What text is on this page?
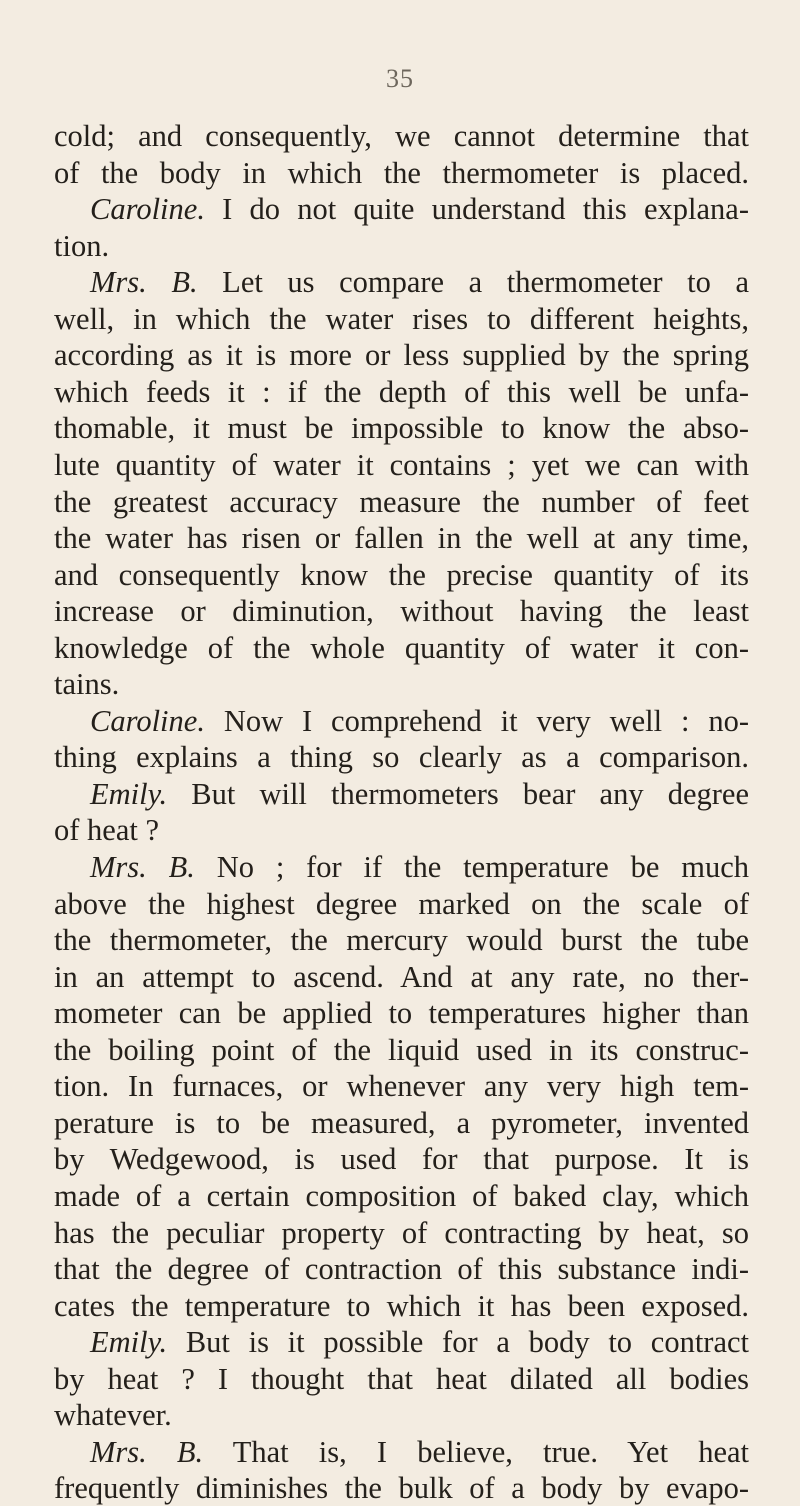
35
cold; and consequently, we cannot determine that
of the body in which the thermometer is placed.
Caroline. I do not quite understand this explana-
tion.
Mrs. B. Let us compare a thermometer to a
well, in which the water rises to different heights,
according as it is more or less supplied by the spring
which feeds it : if the depth of this well be unfa-
thomable, it must be impossible to know the abso-
lute quantity of water it contains ; yet we can with
the greatest accuracy measure the number of feet
the water has risen or fallen in the well at any time,
and consequently know the precise quantity of its
increase or diminution, without having the least
knowledge of the whole quantity of water it con-
tains.
Caroline. Now I comprehend it very well : no-
thing explains a thing so clearly as a comparison.
Emily. But will thermometers bear any degree
of heat ?
Mrs. B. No ; for if the temperature be much
above the highest degree marked on the scale of
the thermometer, the mercury would burst the tube
in an attempt to ascend. And at any rate, no ther-
mometer can be applied to temperatures higher than
the boiling point of the liquid used in its construc-
tion. In furnaces, or whenever any very high tem-
perature is to be measured, a pyrometer, invented
by Wedgewood, is used for that purpose. It is
made of a certain composition of baked clay, which
has the peculiar property of contracting by heat, so
that the degree of contraction of this substance indi-
cates the temperature to which it has been exposed.
Emily. But is it possible for a body to contract
by heat ? I thought that heat dilated all bodies
whatever.
Mrs. B. That is, I believe, true. Yet heat
frequently diminishes the bulk of a body by evapo-
